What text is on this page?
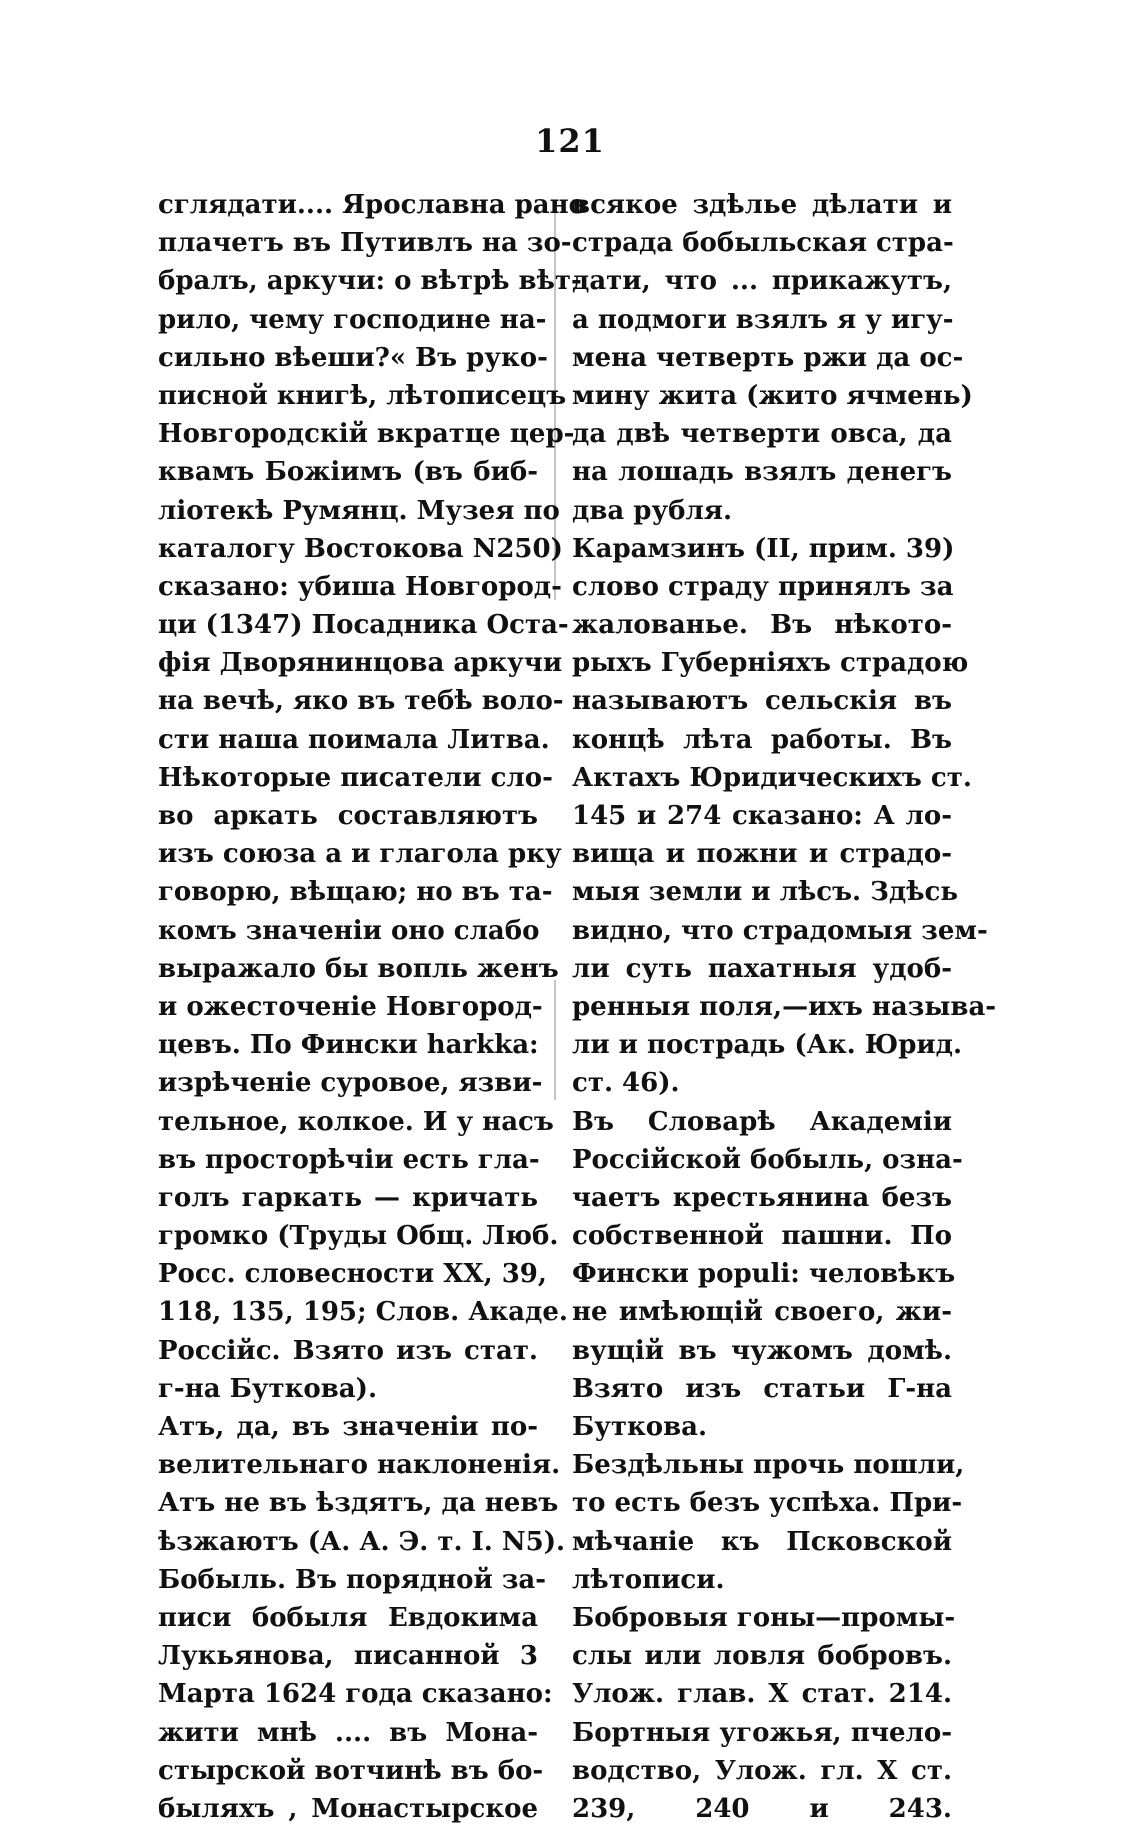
121
сглядати.... Ярославна рано
плачетъ въ Путивлъ на зо-
бралъ, аркучи: о вѣтрѣ вѣт-
рило, чему господине на-
сильно вѣеши?« Въ руко-
писной книгѣ, лѣтописецъ
Новгородскій вкратце цер-
квамъ Божіимъ (въ биб-
ліотекѣ Румянц. Музея по
каталогу Востокова N250)
сказано: убиша Новгород-
ци (1347) Посадника Оста-
фія Дворянинцова аркучи
на вечѣ, яко въ тебѣ воло-
сти наша поимала Литва.
Нѣкоторые писатели сло-
во аркать составляютъ
изъ союза а и глагола рку
говорю, вѣщаю; но въ та-
комъ значеніи оно слабо
выражало бы вопль женъ
и ожесточеніе Новгород-
цевъ. По Фински harkka:
изрѣченіе суровое, язви-
тельное, колкое. И у насъ
въ просторѣчіи есть гла-
голъ гаркать — кричать
громко (Труды Общ. Люб.
Росс. словесности XX, 39,
118, 135, 195; Слов. Акаде.
Россійс. Взято изъ стат.
г-на Буткова).
Атъ, да, въ значеніи по-
велительнаго наклоненія.
Атъ не въ ѣздятъ, да невъ
ѣзжаютъ (А. А. Э. т. I. N5).
Бобыль. Въ порядной за-
писи бобыля Евдокима
Лукьянова, писанной 3
Марта 1624 года сказано:
жити мнѣ .... въ Мона-
стырской вотчинѣ въ бо-
быляхъ , Монастырское
всякое здѣлье дѣлати и
страда бобыльская стра-
дати, что ... прикажутъ,
а подмоги взялъ я у игу-
мена четверть ржи да ос-
мину жита (жито ячмень)
да двѣ четверти овса, да
на лошадь взялъ денегъ
два рубля.
Карамзинъ (II, прим. 39)
слово страду принялъ за
жалованье. Въ нѣкото-
рыхъ Губерніяхъ страдою
называютъ сельскія въ
концѣ лѣта работы. Въ
Актахъ Юридическихъ ст.
145 и 274 сказано: А ло-
вища и пожни и страдо-
мыя земли и лѣсъ. Здѣсь
видно, что страдомыя зем-
ли суть пахатныя удоб-
ренныя поля,—ихъ называ-
ли и пострадь (Ак. Юрид.
ст. 46).
Въ Словарѣ Академіи
Россійской бобыль, озна-
чаетъ крестьянина безъ
собственной пашни. По
Фински populi: человѣкъ
не имѣющій своего, жи-
вущій въ чужомъ домѣ.
Взято изъ статьи Г-на
Буткова.
Бездѣльны прочь пошли,
то есть безъ успѣха. При-
мѣчаніе къ Псковской
лѣтописи.
Бобровыя гоны—промы-
слы или ловля бобровъ.
Улож. глав. X стат. 214.
Бортныя угожья, пчело-
водство, Улож. гл. X ст.
239, 240 и 243.
